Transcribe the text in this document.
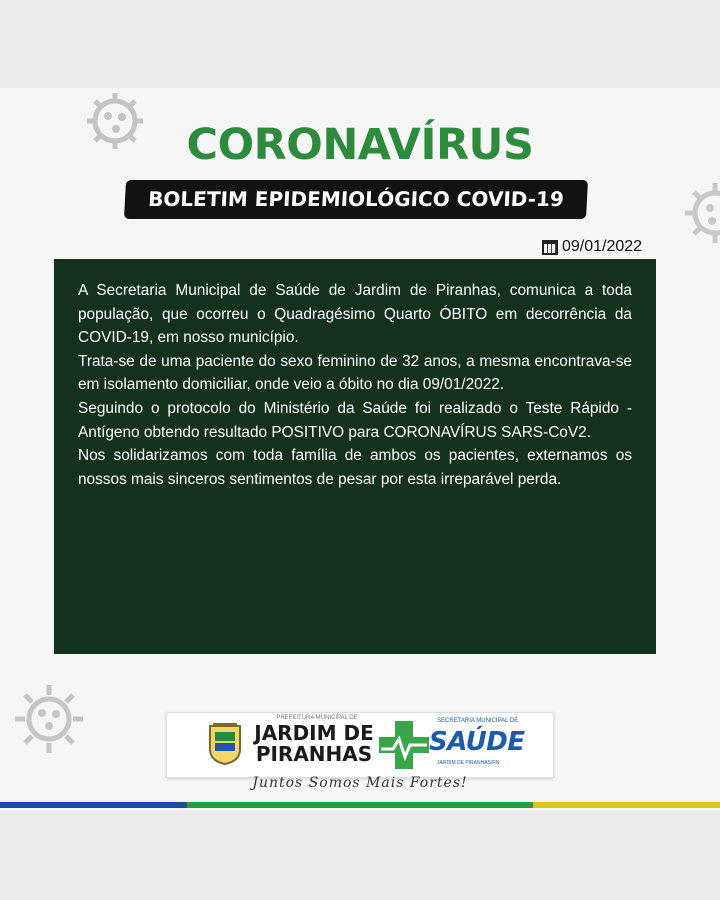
CORONAVÍRUS
BOLETIM EPIDEMIOLÓGICO COVID-19
09/01/2022

A Secretaria Municipal de Saúde de Jardim de Piranhas, comunica a toda população, que ocorreu o Quadragésimo Quarto ÓBITO em decorrência da COVID-19, em nosso município.

Trata-se de uma paciente do sexo feminino de 32 anos, a mesma encontrava-se em isolamento domiciliar, onde veio a óbito no dia 09/01/2022.

Seguindo o protocolo do Ministério da Saúde foi realizado o Teste Rápido - Antígeno obtendo resultado POSITIVO para CORONAVÍRUS SARS-CoV2.

Nos solidarizamos com toda família de ambos os pacientes, externamos os nossos mais sinceros sentimentos de pesar por esta irreparável perda.

PREFEITURA MUNICIPAL DE
JARDIM DE PIRANHAS
SECRETARIA MUNICIPAL DE
SAÚDE
JARDIM DE PIRANHAS/RN
Juntos Somos Mais Fortes!
